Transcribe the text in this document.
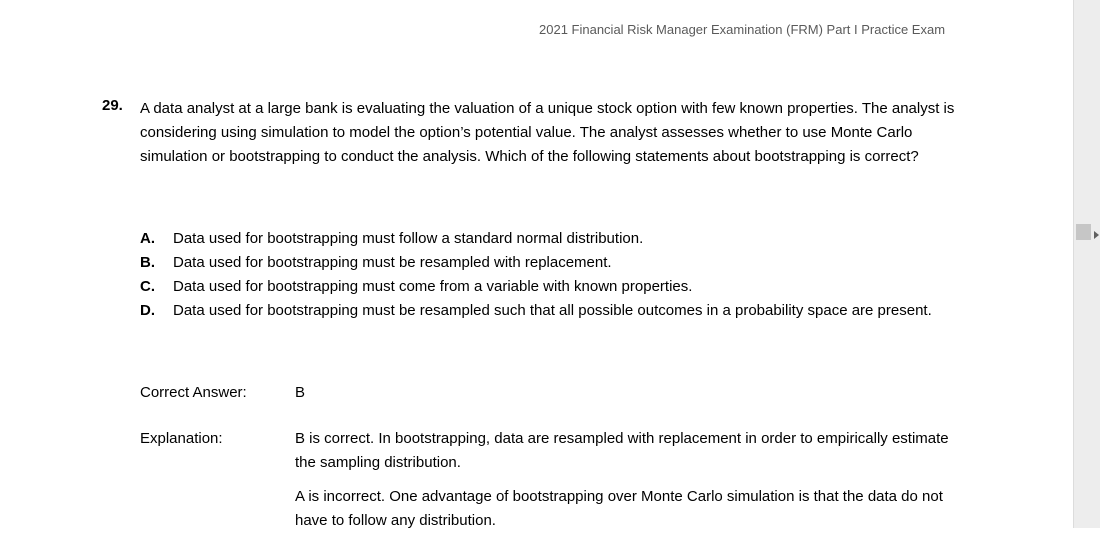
2021 Financial Risk Manager Examination (FRM) Part I Practice Exam
29. A data analyst at a large bank is evaluating the valuation of a unique stock option with few known properties. The analyst is considering using simulation to model the option’s potential value. The analyst assesses whether to use Monte Carlo simulation or bootstrapping to conduct the analysis. Which of the following statements about bootstrapping is correct?
A. Data used for bootstrapping must follow a standard normal distribution.
B. Data used for bootstrapping must be resampled with replacement.
C. Data used for bootstrapping must come from a variable with known properties.
D. Data used for bootstrapping must be resampled such that all possible outcomes in a probability space are present.
Correct Answer:	B
Explanation:	B is correct. In bootstrapping, data are resampled with replacement in order to empirically estimate the sampling distribution.

A is incorrect. One advantage of bootstrapping over Monte Carlo simulation is that the data do not have to follow any distribution.
